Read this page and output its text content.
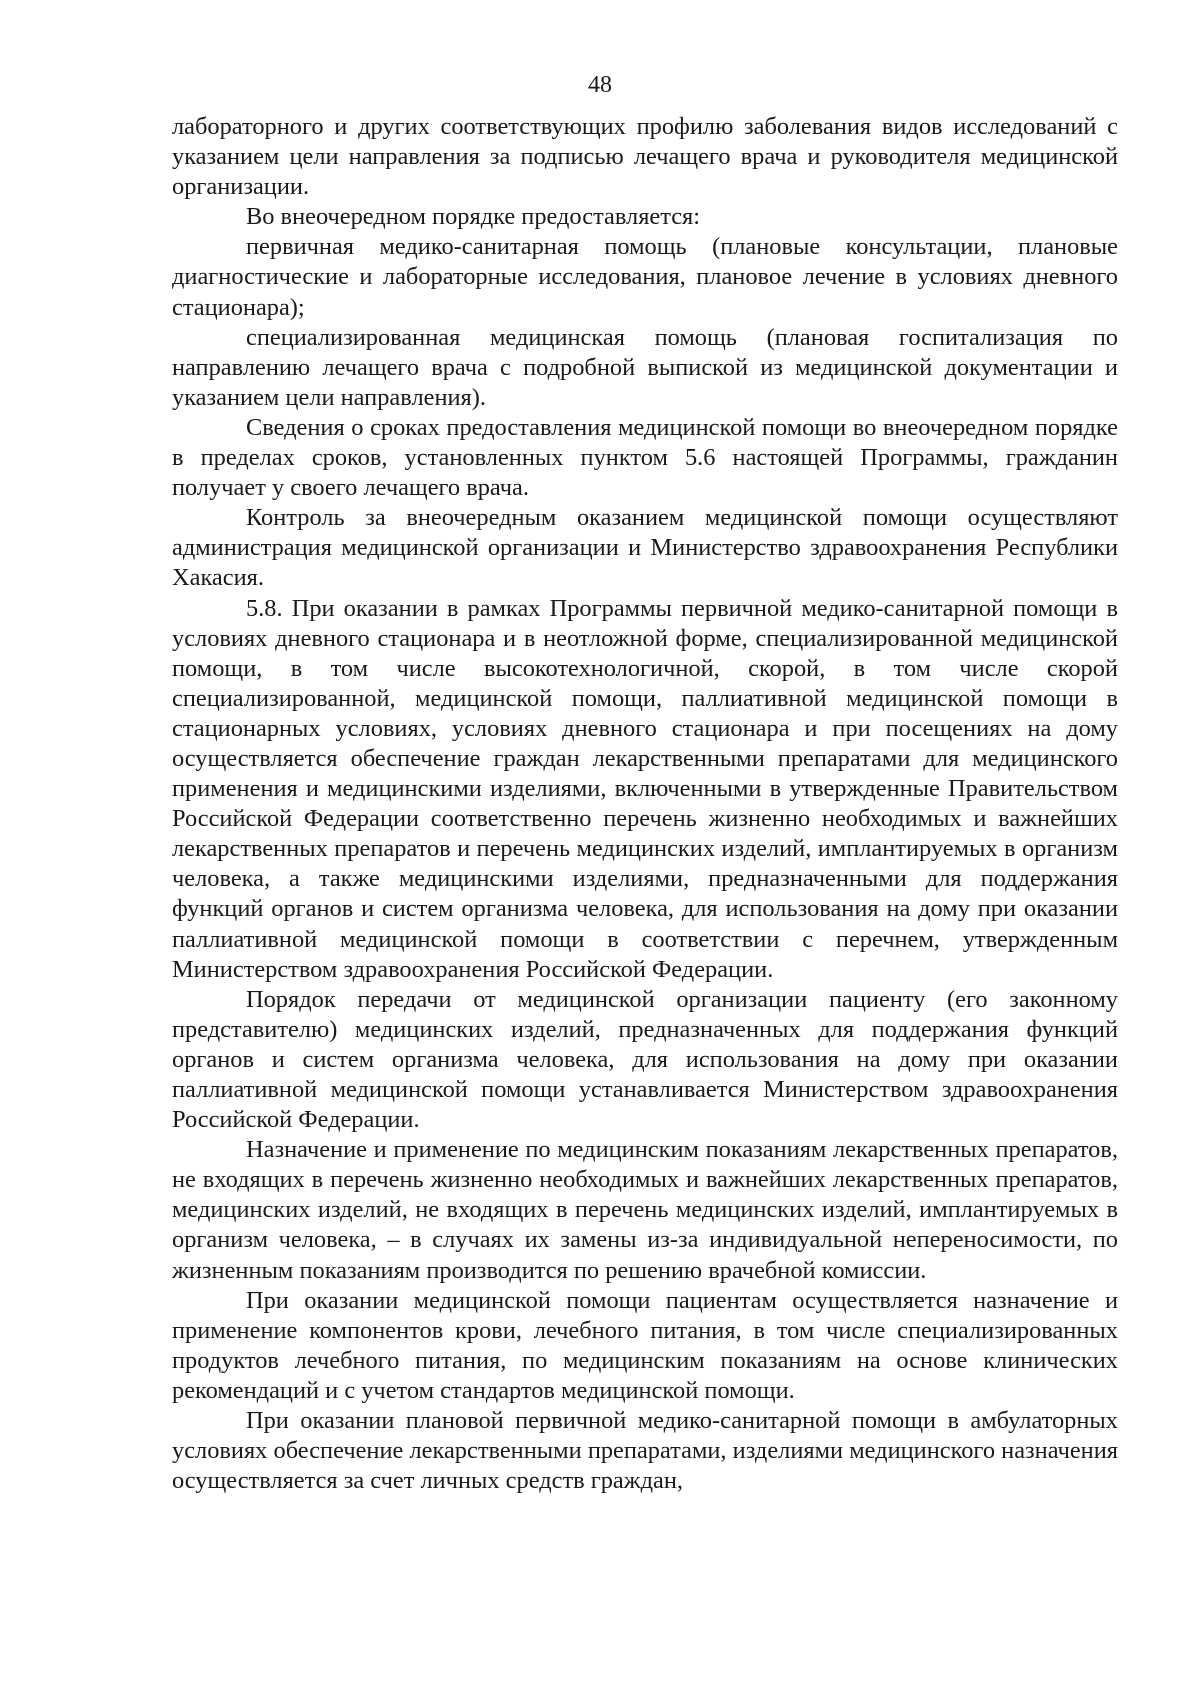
48

лабораторного и других соответствующих профилю заболевания видов исследований с указанием цели направления за подписью лечащего врача и руководителя медицинской организации.

Во внеочередном порядке предоставляется:

первичная медико-санитарная помощь (плановые консультации, плановые диагностические и лабораторные исследования, плановое лечение в условиях дневного стационара);

специализированная медицинская помощь (плановая госпитализация по направлению лечащего врача с подробной выпиской из медицинской документации и указанием цели направления).

Сведения о сроках предоставления медицинской помощи во внеочередном порядке в пределах сроков, установленных пунктом 5.6 настоящей Программы, гражданин получает у своего лечащего врача.

Контроль за внеочередным оказанием медицинской помощи осуществляют администрация медицинской организации и Министерство здравоохранения Республики Хакасия.

5.8. При оказании в рамках Программы первичной медико-санитарной помощи в условиях дневного стационара и в неотложной форме, специализированной медицинской помощи, в том числе высокотехнологичной, скорой, в том числе скорой специализированной, медицинской помощи, паллиативной медицинской помощи в стационарных условиях, условиях дневного стационара и при посещениях на дому осуществляется обеспечение граждан лекарственными препаратами для медицинского применения и медицинскими изделиями, включенными в утвержденные Правительством Российской Федерации соответственно перечень жизненно необходимых и важнейших лекарственных препаратов и перечень медицинских изделий, имплантируемых в организм человека, а также медицинскими изделиями, предназначенными для поддержания функций органов и систем организма человека, для использования на дому при оказании паллиативной медицинской помощи в соответствии с перечнем, утвержденным Министерством здравоохранения Российской Федерации.

Порядок передачи от медицинской организации пациенту (его законному представителю) медицинских изделий, предназначенных для поддержания функций органов и систем организма человека, для использования на дому при оказании паллиативной медицинской помощи устанавливается Министерством здравоохранения Российской Федерации.

Назначение и применение по медицинским показаниям лекарственных препаратов, не входящих в перечень жизненно необходимых и важнейших лекарственных препаратов, медицинских изделий, не входящих в перечень медицинских изделий, имплантируемых в организм человека, – в случаях их замены из-за индивидуальной непереносимости, по жизненным показаниям производится по решению врачебной комиссии.

При оказании медицинской помощи пациентам осуществляется назначение и применение компонентов крови, лечебного питания, в том числе специализированных продуктов лечебного питания, по медицинским показаниям на основе клинических рекомендаций и с учетом стандартов медицинской помощи.

При оказании плановой первичной медико-санитарной помощи в амбулаторных условиях обеспечение лекарственными препаратами, изделиями медицинского назначения осуществляется за счет личных средств граждан,
